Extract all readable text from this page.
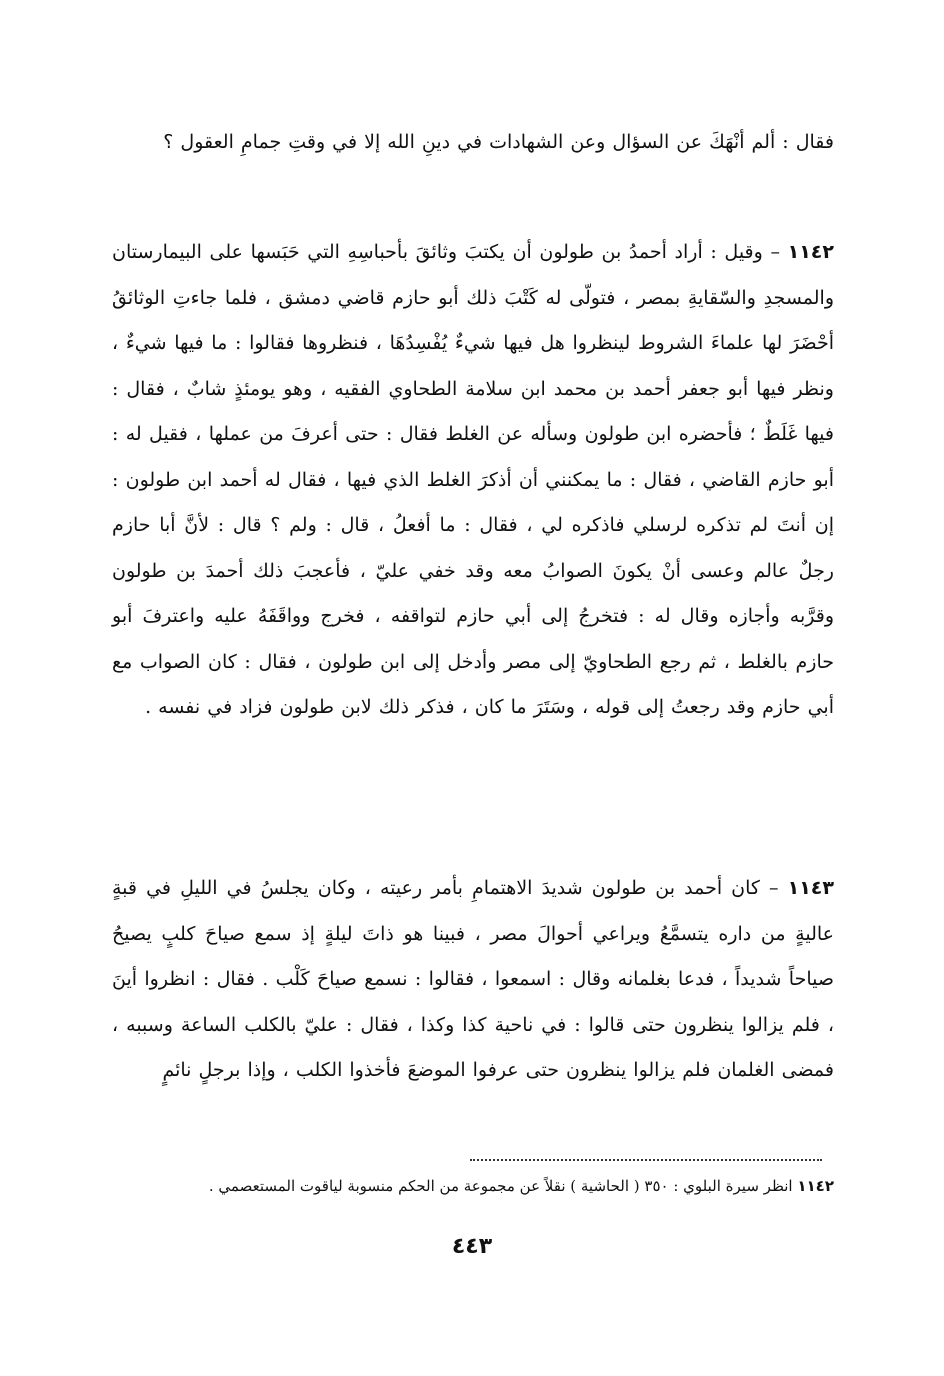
فقال : ألم أنْهَكَ عن السؤال وعن الشهادات في دينِ الله إلا في وقتِ جمامِ العقول ؟
١١٤٢ – وقيل : أراد أحمدُ بن طولون أن يكتبَ وثائقَ بأحباسِهِ التي حَبَسها على البيمارستان والمسجدِ والسّقايةِ بمصر ، فتولّى له كَتْبَ ذلك أبو حازم قاضي دمشق ، فلما جاءتِ الوثائقُ أحْضَرَ لها علماءَ الشروط لينظروا هل فيها شيءٌ يُفْسِدُهَا ، فنظروها فقالوا : ما فيها شيءٌ ، ونظر فيها أبو جعفر أحمد بن محمد ابن سلامة الطحاوي الفقيه ، وهو يومئذٍ شابٌ ، فقال : فيها غَلَطٌ ؛ فأحضره ابن طولون وسأله عن الغلط فقال : حتى أعرفَ من عملها ، فقيل له : أبو حازم القاضي ، فقال : ما يمكنني أن أذكرَ الغلط الذي فيها ، فقال له أحمد ابن طولون : إن أنتَ لم تذكره لرسلي فاذكره لي ، فقال : ما أفعلُ ، قال : ولم ؟ قال : لأنَّ أبا حازم رجلٌ عالم وعسى أنْ يكونَ الصوابُ معه وقد خفي عليّ ، فأعجبَ ذلك أحمدَ بن طولون وقرَّبه وأجازه وقال له : فتخرجُ إلى أبي حازم لتواقفه ، فخرج وواقَفَهُ عليه واعترفَ أبو حازم بالغلط ، ثم رجع الطحاويّ إلى مصر وأدخل إلى ابن طولون ، فقال : كان الصواب مع أبي حازم وقد رجعتُ إلى قوله ، وسَتَرَ ما كان ، فذكر ذلك لابن طولون فزاد في نفسه .
١١٤٣ – كان أحمد بن طولون شديدَ الاهتمامِ بأمر رعيته ، وكان يجلسُ في الليلِ في قبةٍ عاليةٍ من داره يتسمَّعُ ويراعي أحوالَ مصر ، فبينا هو ذاتَ ليلةٍ إذ سمع صياحَ كلبٍ يصيحُ صياحاً شديداً ، فدعا بغلمانه وقال : اسمعوا ، فقالوا : نسمع صياحَ كَلْب . فقال : انظروا أينَ ، فلم يزالوا ينظرون حتى قالوا : في ناحية كذا وكذا ، فقال : عليّ بالكلب الساعة وسببه ، فمضى الغلمان فلم يزالوا ينظرون حتى عرفوا الموضعَ فأخذوا الكلب ، وإذا برجلٍ نائمٍ
١١٤٢ انظر سيرة البلوي : ٣٥٠ ( الحاشية ) نقلاً عن مجموعة من الحكم منسوبة لياقوت المستعصمي .
٤٤٣
